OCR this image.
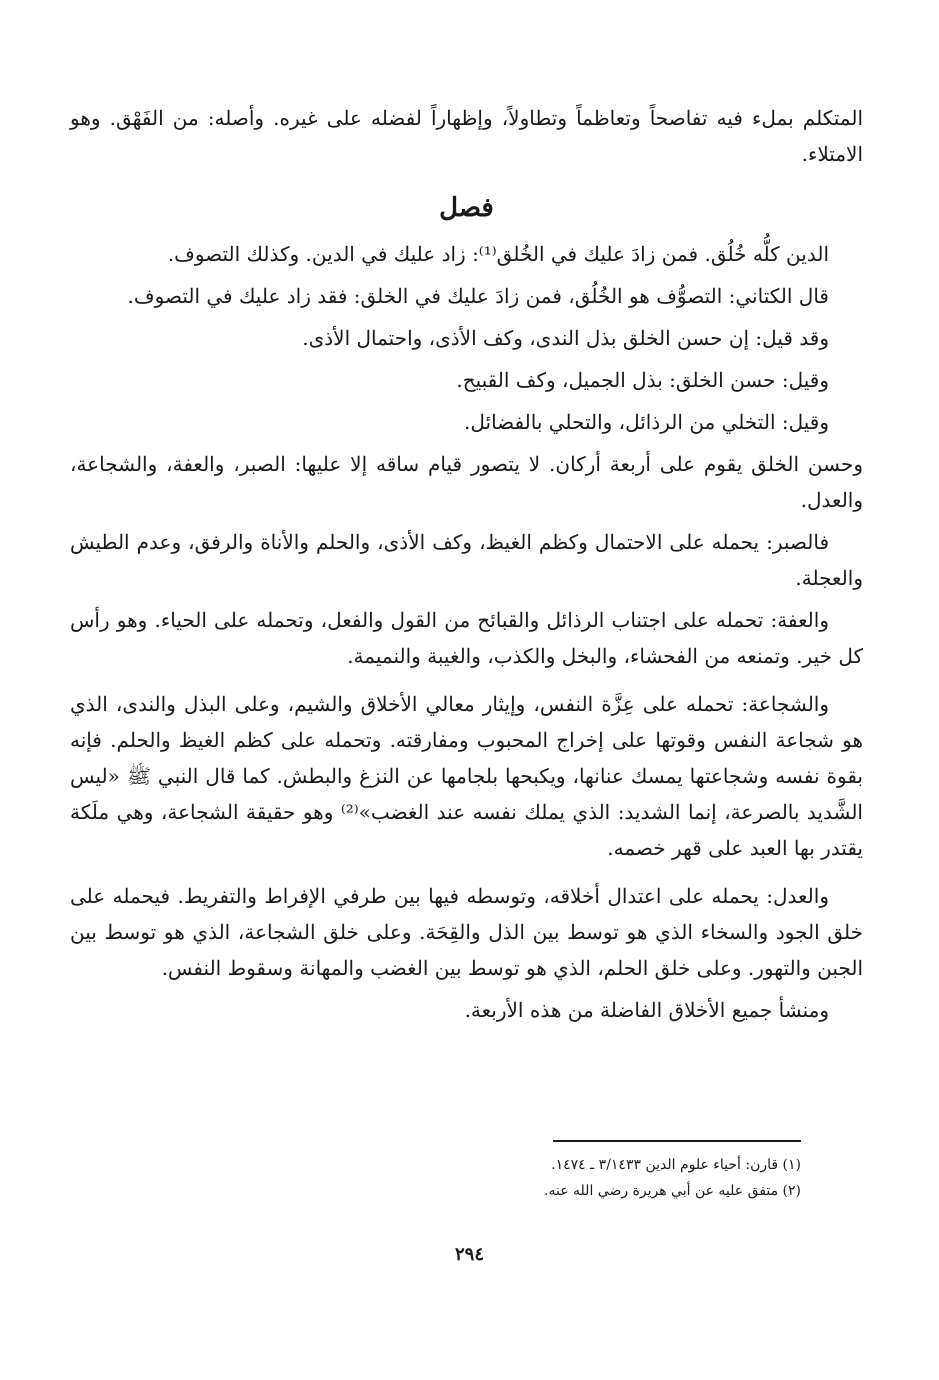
المتكلم بملء فيه تفاصحاً وتعاظماً وتطاولاً، وإظهاراً لفضله على غيره. وأصله: من الفَهْق. وهو الامتلاء.

فصل

الدين كلُّه خُلُق. فمن زادَ عليك في الخُلق⁽¹⁾: زاد عليك في الدين. وكذلك التصوف.

قال الكتاني: التصوُّف هو الخُلُق، فمن زادَ عليك في الخلق: فقد زاد عليك في التصوف.

وقد قيل: إن حسن الخلق بذل الندى، وكف الأذى، واحتمال الأذى.

وقيل: حسن الخلق: بذل الجميل، وكف القبيح.

وقيل: التخلي من الرذائل، والتحلي بالفضائل.

وحسن الخلق يقوم على أربعة أركان. لا يتصور قيام ساقه إلا عليها: الصبر، والعفة، والشجاعة، والعدل.

فالصبر: يحمله على الاحتمال وكظم الغيظ، وكف الأذى، والحلم والأناة والرفق، وعدم الطيش والعجلة.

والعفة: تحمله على اجتناب الرذائل والقبائح من القول والفعل، وتحمله على الحياء. وهو رأس كل خير. وتمنعه من الفحشاء، والبخل والكذب، والغيبة والنميمة.

والشجاعة: تحمله على عِزَّة النفس، وإيثار معالي الأخلاق والشيم، وعلى البذل والندى، الذي هو شجاعة النفس وقوتها على إخراج المحبوب ومفارقته. وتحمله على كظم الغيظ والحلم. فإنه بقوة نفسه وشجاعتها يمسك عنانها، ويكبحها بلجامها عن النزغ والبطش. كما قال النبي ﷺ «ليس الشَّديد بالصرعة، إنما الشديد: الذي يملك نفسه عند الغضب»⁽²⁾ وهو حقيقة الشجاعة، وهي ملَكة يقتدر بها العبد على قهر خصمه.

والعدل: يحمله على اعتدال أخلاقه، وتوسطه فيها بين طرفي الإفراط والتفريط. فيحمله على خلق الجود والسخاء الذي هو توسط بين الذل والقِحَة. وعلى خلق الشجاعة، الذي هو توسط بين الجبن والتهور. وعلى خلق الحلم، الذي هو توسط بين الغضب والمهانة وسقوط النفس.

ومنشأ جميع الأخلاق الفاضلة من هذه الأربعة.

(١) قارن: أحياء علوم الدين ٣/١٤٣٣ ـ ١٤٧٤.

(٢) متفق عليه عن أبي هريرة رضي الله عنه.

٢٩٤
